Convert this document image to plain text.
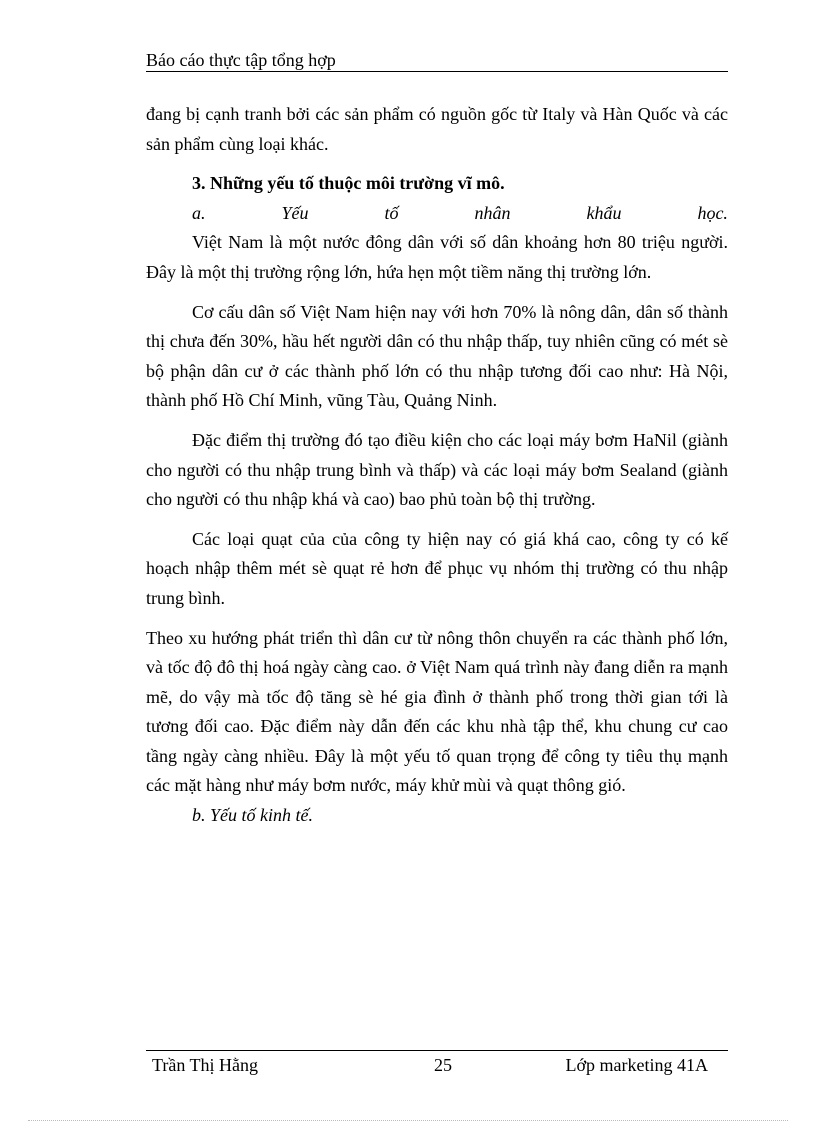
Báo cáo thực tập tổng hợp

đang bị cạnh tranh bởi các sản phẩm có nguồn gốc từ Italy và Hàn Quốc và các sản phẩm cùng loại khác.

3. Những yếu tố thuộc môi trường vĩ mô.

a.	Yếu	tố	nhân	khẩu	học.

Việt Nam là một nước đông dân với số dân khoảng hơn 80 triệu người. Đây là một thị trường rộng lớn, hứa hẹn một tiềm năng thị trường lớn.

Cơ cấu dân số Việt Nam hiện nay với hơn 70% là nông dân, dân số thành thị chưa đến 30%, hầu hết người dân có thu nhập thấp, tuy nhiên cũng có mét sè bộ phận dân cư ở các thành phố lớn có thu nhập tương đối cao như: Hà Nội, thành phố Hồ Chí Minh, vũng Tàu, Quảng Ninh.

Đặc điểm thị trường đó tạo điều kiện cho các loại máy bơm HaNil (giành cho người có thu nhập trung bình và thấp) và các loại máy bơm Sealand (giành cho người có thu nhập khá và cao) bao phủ toàn bộ thị trường.

Các loại quạt của của công ty hiện nay có giá khá cao, công ty có kế hoạch nhập thêm mét sè quạt rẻ hơn để phục vụ nhóm thị trường có thu nhập trung bình.

Theo xu hướng phát triển thì dân cư từ nông thôn chuyển ra các thành phố lớn, và tốc độ đô thị hoá ngày càng cao. ở Việt Nam quá trình này đang diễn ra mạnh mẽ, do vậy mà tốc độ tăng sè hé gia đình ở thành phố trong thời gian tới là tương đối cao. Đặc điểm này dẫn đến các khu nhà tập thể, khu chung cư cao tầng ngày càng nhiều. Đây là một yếu tố quan trọng để công ty tiêu thụ mạnh các mặt hàng như máy bơm nước, máy khử mùi và quạt thông gió.

b. Yếu tố kinh tế.

Trần Thị Hằng	25	Lớp marketing 41A
